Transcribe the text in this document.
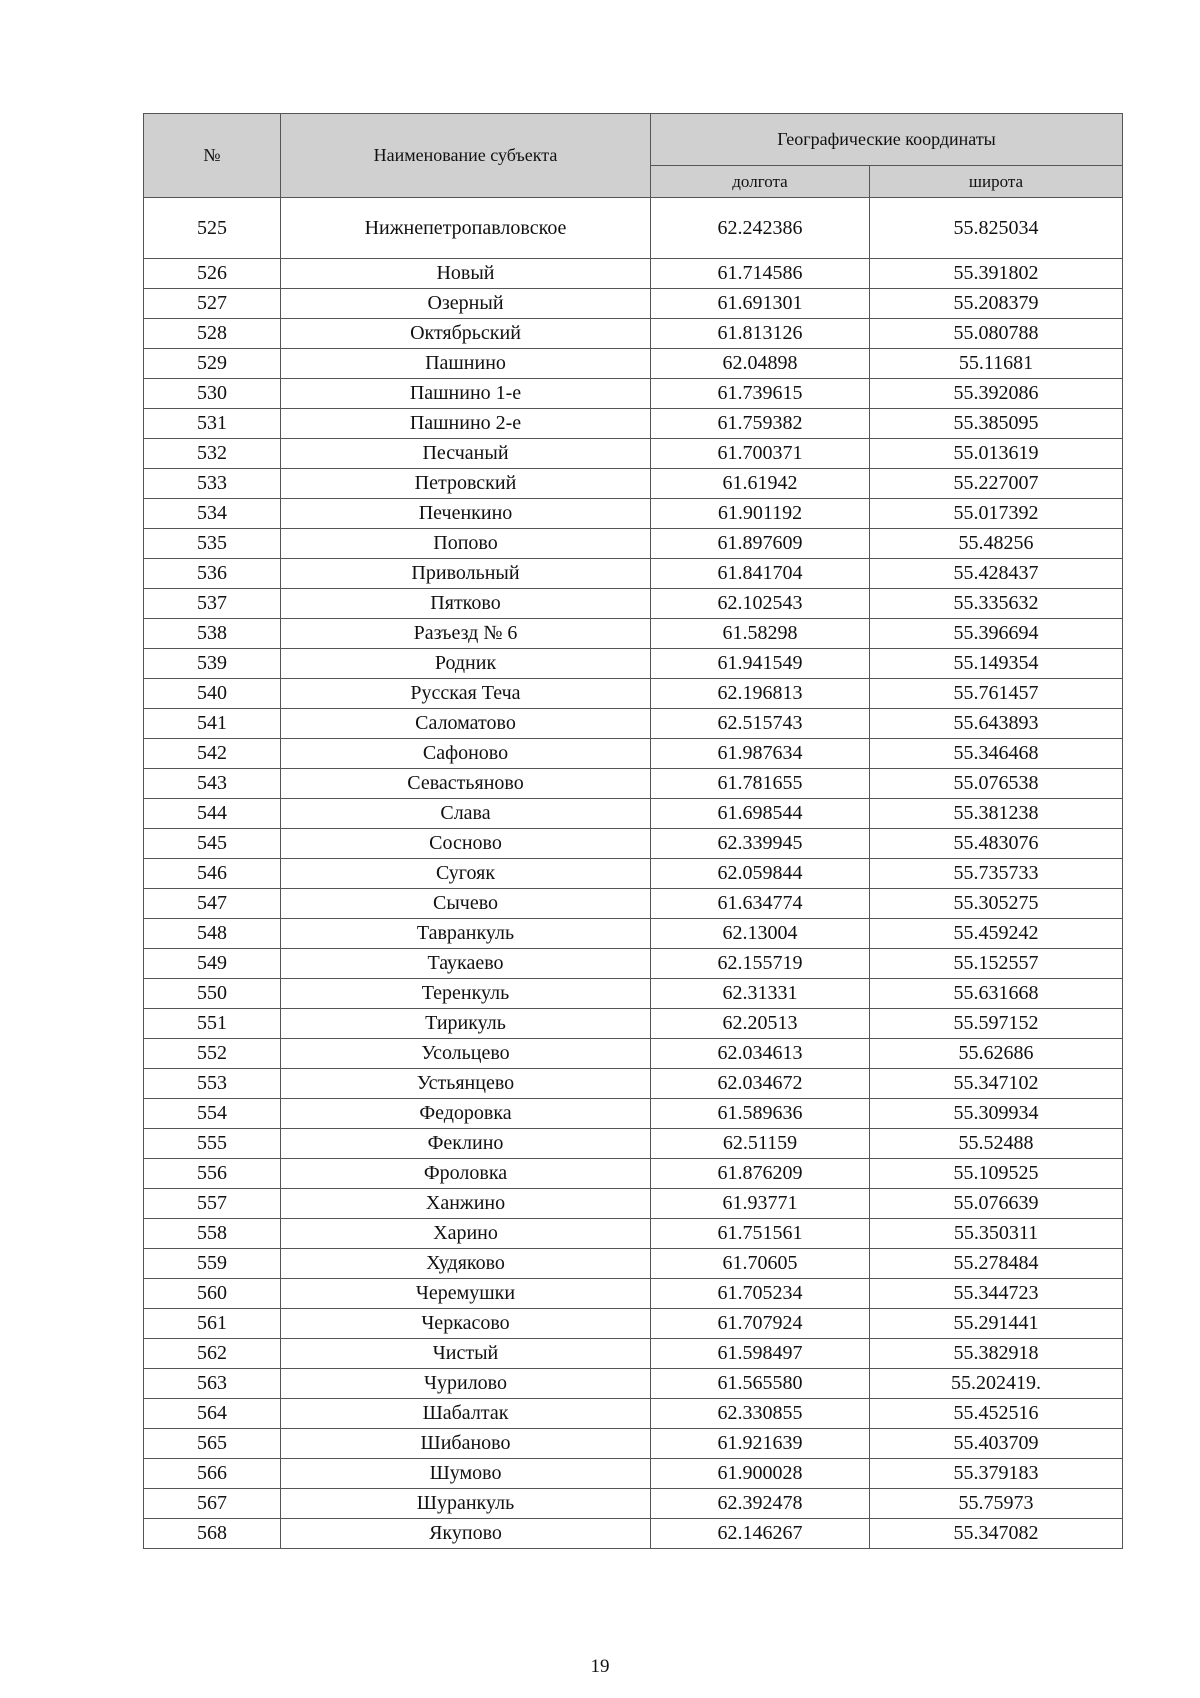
№	Наименование субъекта	Географические координаты	
		долгота	широта
525	Нижнепетропавловское	62.242386	55.825034
526	Новый	61.714586	55.391802
527	Озерный	61.691301	55.208379
528	Октябрьский	61.813126	55.080788
529	Пашнино	62.04898	55.11681
530	Пашнино 1-е	61.739615	55.392086
531	Пашнино 2-е	61.759382	55.385095
532	Песчаный	61.700371	55.013619
533	Петровский	61.61942	55.227007
534	Печенкино	61.901192	55.017392
535	Попово	61.897609	55.48256
536	Привольный	61.841704	55.428437
537	Пятково	62.102543	55.335632
538	Разъезд № 6	61.58298	55.396694
539	Родник	61.941549	55.149354
540	Русская Теча	62.196813	55.761457
541	Саломатово	62.515743	55.643893
542	Сафоново	61.987634	55.346468
543	Севастьяново	61.781655	55.076538
544	Слава	61.698544	55.381238
545	Сосново	62.339945	55.483076
546	Сугояк	62.059844	55.735733
547	Сычево	61.634774	55.305275
548	Тавранкуль	62.13004	55.459242
549	Таукаево	62.155719	55.152557
550	Теренкуль	62.31331	55.631668
551	Тирикуль	62.20513	55.597152
552	Усольцево	62.034613	55.62686
553	Устьянцево	62.034672	55.347102
554	Федоровка	61.589636	55.309934
555	Феклино	62.51159	55.52488
556	Фроловка	61.876209	55.109525
557	Ханжино	61.93771	55.076639
558	Харино	61.751561	55.350311
559	Худяково	61.70605	55.278484
560	Черемушки	61.705234	55.344723
561	Черкасово	61.707924	55.291441
562	Чистый	61.598497	55.382918
563	Чурилово	61.565580	55.202419.
564	Шабалтак	62.330855	55.452516
565	Шибаново	61.921639	55.403709
566	Шумово	61.900028	55.379183
567	Шуранкуль	62.392478	55.75973
568	Якупово	62.146267	55.347082
19
